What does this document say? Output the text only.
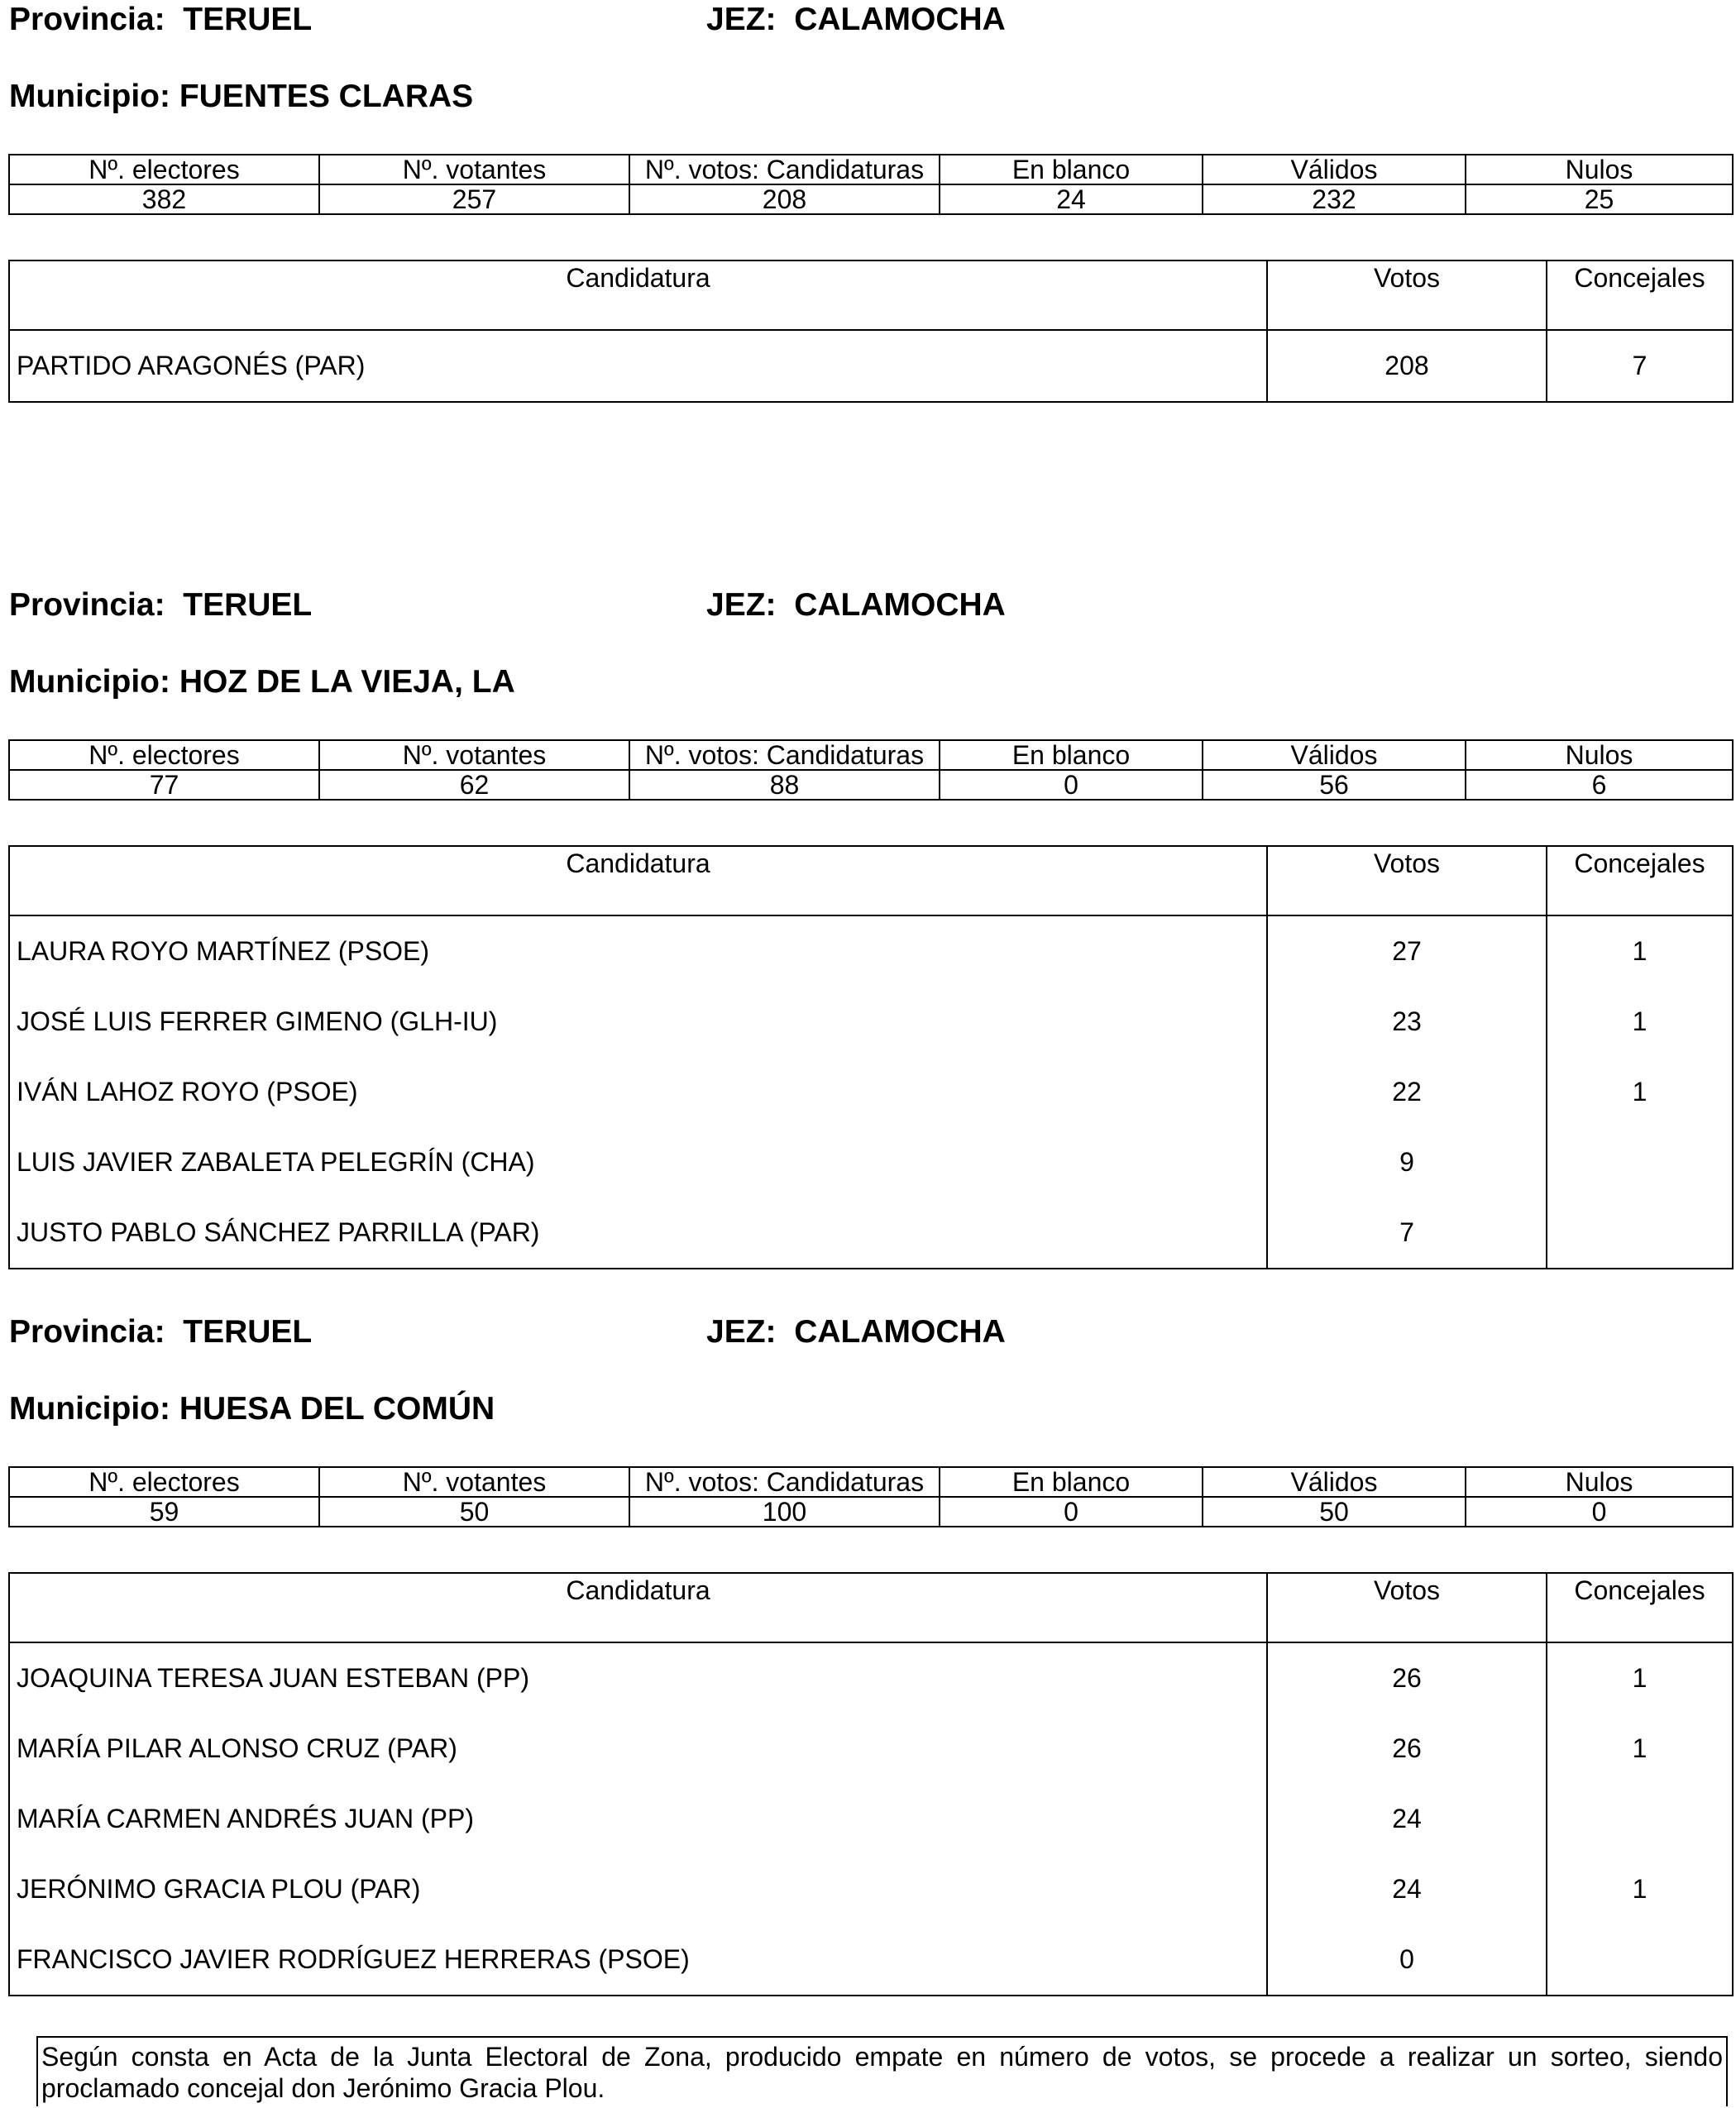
Provincia: TERUEL	JEZ: CALAMOCHA
Municipio: FUENTES CLARAS
Nº. electores	Nº. votantes	Nº. votos: Candidaturas	En blanco	Válidos	Nulos
382	257	208	24	232	25
Candidatura	Votos	Concejales
PARTIDO ARAGONÉS (PAR)	208	7
Provincia: TERUEL	JEZ: CALAMOCHA
Municipio: HOZ DE LA VIEJA, LA
Nº. electores	Nº. votantes	Nº. votos: Candidaturas	En blanco	Válidos	Nulos
77	62	88	0	56	6
Candidatura	Votos	Concejales
LAURA ROYO MARTÍNEZ (PSOE)	27	1
JOSÉ LUIS FERRER GIMENO (GLH-IU)	23	1
IVÁN LAHOZ ROYO (PSOE)	22	1
LUIS JAVIER ZABALETA PELEGRÍN (CHA)	9	
JUSTO PABLO SÁNCHEZ PARRILLA (PAR)	7	
Provincia: TERUEL	JEZ: CALAMOCHA
Municipio: HUESA DEL COMÚN
Nº. electores	Nº. votantes	Nº. votos: Candidaturas	En blanco	Válidos	Nulos
59	50	100	0	50	0
Candidatura	Votos	Concejales
JOAQUINA TERESA JUAN ESTEBAN (PP)	26	1
MARÍA PILAR ALONSO CRUZ (PAR)	26	1
MARÍA CARMEN ANDRÉS JUAN (PP)	24	
JERÓNIMO GRACIA PLOU (PAR)	24	1
FRANCISCO JAVIER RODRÍGUEZ HERRERAS (PSOE)	0	
Según consta en Acta de la Junta Electoral de Zona, producido empate en número de votos, se procede a realizar un sorteo, siendo
proclamado concejal don Jerónimo Gracia Plou.
